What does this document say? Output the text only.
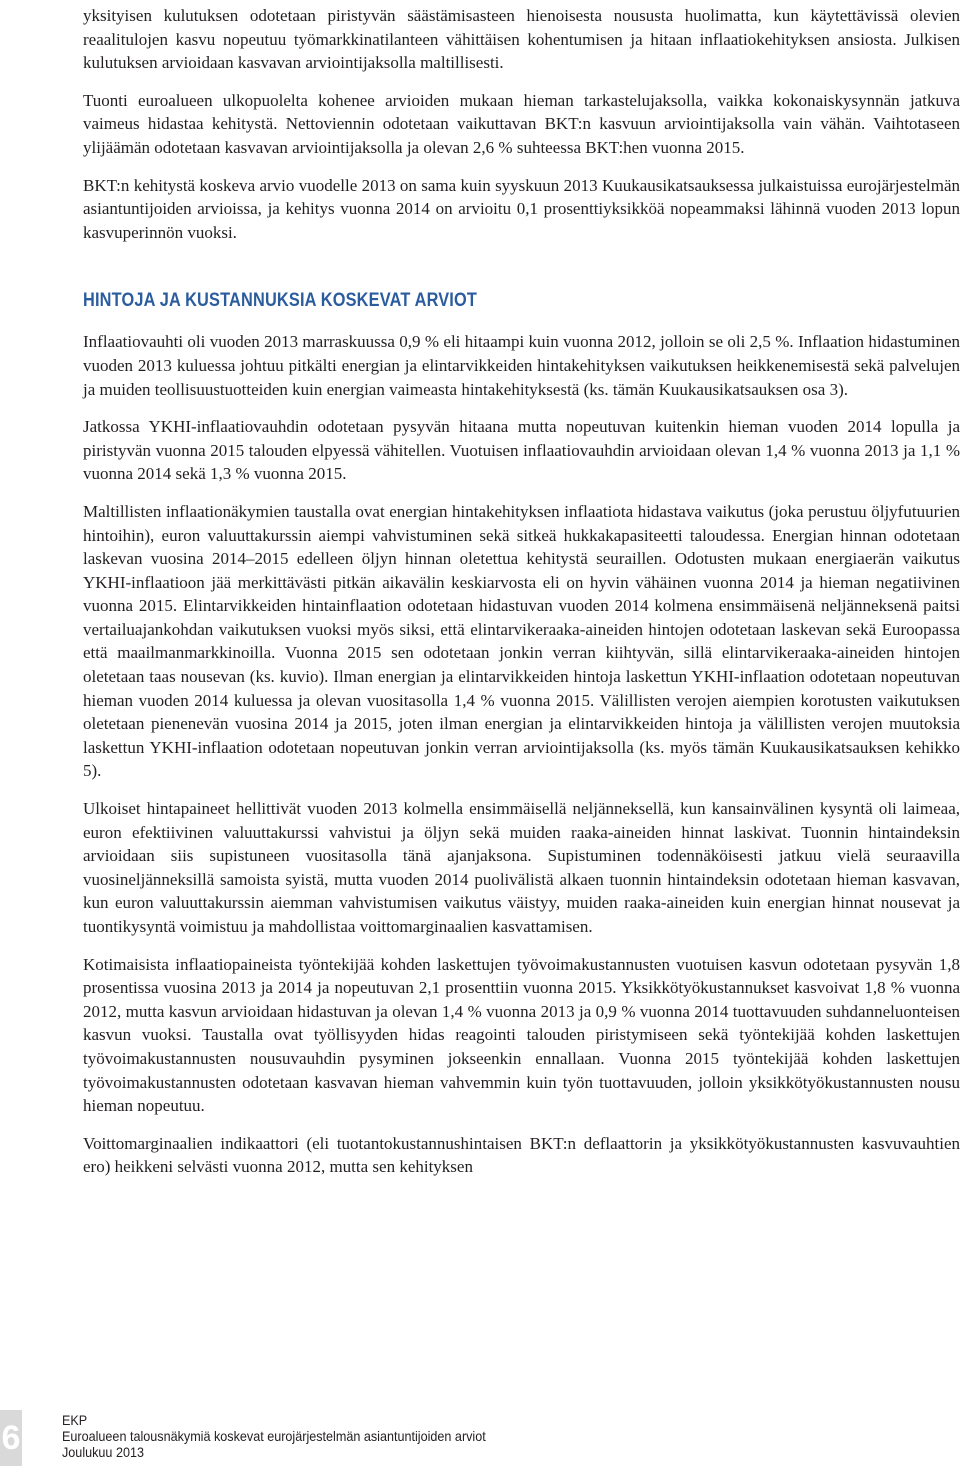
yksityisen kulutuksen odotetaan piristyvän säästämisasteen hienoisesta noususta huolimatta, kun käytettävissä olevien reaalitulojen kasvu nopeutuu työmarkkinatilanteen vähittäisen kohentumisen ja hitaan inflaatiokehityksen ansiosta. Julkisen kulutuksen arvioidaan kasvavan arviointijaksolla maltillisesti.

Tuonti euroalueen ulkopuolelta kohenee arvioiden mukaan hieman tarkastelujaksolla, vaikka kokonaiskysynnän jatkuva vaimeus hidastaa kehitystä. Nettoviennin odotetaan vaikuttavan BKT:n kasvuun arviointijaksolla vain vähän. Vaihtotaseen ylijäämän odotetaan kasvavan arviointijaksolla ja olevan 2,6 % suhteessa BKT:hen vuonna 2015.

BKT:n kehitystä koskeva arvio vuodelle 2013 on sama kuin syyskuun 2013 Kuukausikatsauksessa julkaistuissa eurojärjestelmän asiantuntijoiden arvioissa, ja kehitys vuonna 2014 on arvioitu 0,1 prosenttiyksikköä nopeammaksi lähinnä vuoden 2013 lopun kasvuperinnön vuoksi.

HINTOJA JA KUSTANNUKSIA KOSKEVAT ARVIOT

Inflaatiovauhti oli vuoden 2013 marraskuussa 0,9 % eli hitaampi kuin vuonna 2012, jolloin se oli 2,5 %. Inflaation hidastuminen vuoden 2013 kuluessa johtuu pitkälti energian ja elintarvikkeiden hintakehityksen vaikutuksen heikkenemisestä sekä palvelujen ja muiden teollisuustuotteiden kuin energian vaimeasta hintakehityksestä (ks. tämän Kuukausikatsauksen osa 3).

Jatkossa YKHI-inflaatiovauhdin odotetaan pysyvän hitaana mutta nopeutuvan kuitenkin hieman vuoden 2014 lopulla ja piristyvän vuonna 2015 talouden elpyessä vähitellen. Vuotuisen inflaatiovauhdin arvioidaan olevan 1,4 % vuonna 2013 ja 1,1 % vuonna 2014 sekä 1,3 % vuonna 2015.

Maltillisten inflaationäkymien taustalla ovat energian hintakehityksen inflaatiota hidastava vaikutus (joka perustuu öljyfutuurien hintoihin), euron valuuttakurssin aiempi vahvistuminen sekä sitkeä hukkakapasiteetti taloudessa. Energian hinnan odotetaan laskevan vuosina 2014–2015 edelleen öljyn hinnan oletettua kehitystä seuraillen. Odotusten mukaan energiaerän vaikutus YKHI-inflaatioon jää merkittävästi pitkän aikavälin keskiarvosta eli on hyvin vähäinen vuonna 2014 ja hieman negatiivinen vuonna 2015. Elintarvikkeiden hintainflaation odotetaan hidastuvan vuoden 2014 kolmena ensimmäisenä neljänneksenä paitsi vertailuajankohdan vaikutuksen vuoksi myös siksi, että elintarvikeraaka-aineiden hintojen odotetaan laskevan sekä Euroopassa että maailmanmarkkinoilla. Vuonna 2015 sen odotetaan jonkin verran kiihtyvän, sillä elintarvikeraaka-aineiden hintojen oletetaan taas nousevan (ks. kuvio). Ilman energian ja elintarvikkeiden hintoja laskettun YKHI-inflaation odotetaan nopeutuvan hieman vuoden 2014 kuluessa ja olevan vuositasolla 1,4 % vuonna 2015. Välillisten verojen aiempien korotusten vaikutuksen oletetaan pienenevän vuosina 2014 ja 2015, joten ilman energian ja elintarvikkeiden hintoja ja välillisten verojen muutoksia laskettun YKHI-inflaation odotetaan nopeutuvan jonkin verran arviointijaksolla (ks. myös tämän Kuukausikatsauksen kehikko 5).

Ulkoiset hintapaineet hellittivät vuoden 2013 kolmella ensimmäisellä neljänneksellä, kun kansainvälinen kysyntä oli laimeaa, euron efektiivinen valuuttakurssi vahvistui ja öljyn sekä muiden raaka-aineiden hinnat laskivat. Tuonnin hintaindeksin arvioidaan siis supistuneen vuositasolla tänä ajanjaksona. Supistuminen todennäköisesti jatkuu vielä seuraavilla vuosineljänneksillä samoista syistä, mutta vuoden 2014 puolivälistä alkaen tuonnin hintaindeksin odotetaan hieman kasvavan, kun euron valuuttakurssin aiemman vahvistumisen vaikutus väistyy, muiden raaka-aineiden kuin energian hinnat nousevat ja tuontikysyntä voimistuu ja mahdollistaa voittomarginaalien kasvattamisen.

Kotimaisista inflaatiopaineista työntekijää kohden laskettujen työvoimakustannusten vuotuisen kasvun odotetaan pysyvän 1,8 prosentissa vuosina 2013 ja 2014 ja nopeutuvan 2,1 prosenttiin vuonna 2015. Yksikkötyökustannukset kasvoivat 1,8 % vuonna 2012, mutta kasvun arvioidaan hidastuvan ja olevan 1,4 % vuonna 2013 ja 0,9 % vuonna 2014 tuottavuuden suhdanneluonteisen kasvun vuoksi. Taustalla ovat työllisyyden hidas reagointi talouden piristymiseen sekä työntekijää kohden laskettujen työvoimakustannusten nousuvauhdin pysyminen jokseenkin ennallaan. Vuonna 2015 työntekijää kohden laskettujen työvoimakustannusten odotetaan kasvavan hieman vahvemmin kuin työn tuottavuuden, jolloin yksikkötyökustannusten nousu hieman nopeutuu.

Voittomarginaalien indikaattori (eli tuotantokustannushintaisen BKT:n deflaattorin ja yksikkötyökustannusten kasvuvauhtien ero) heikkeni selvästi vuonna 2012, mutta sen kehityksen

6	EKP
Euroalueen talousnäkymiä koskevat eurojärjestelmän asiantuntijoiden arviot
Joulukuu 2013
